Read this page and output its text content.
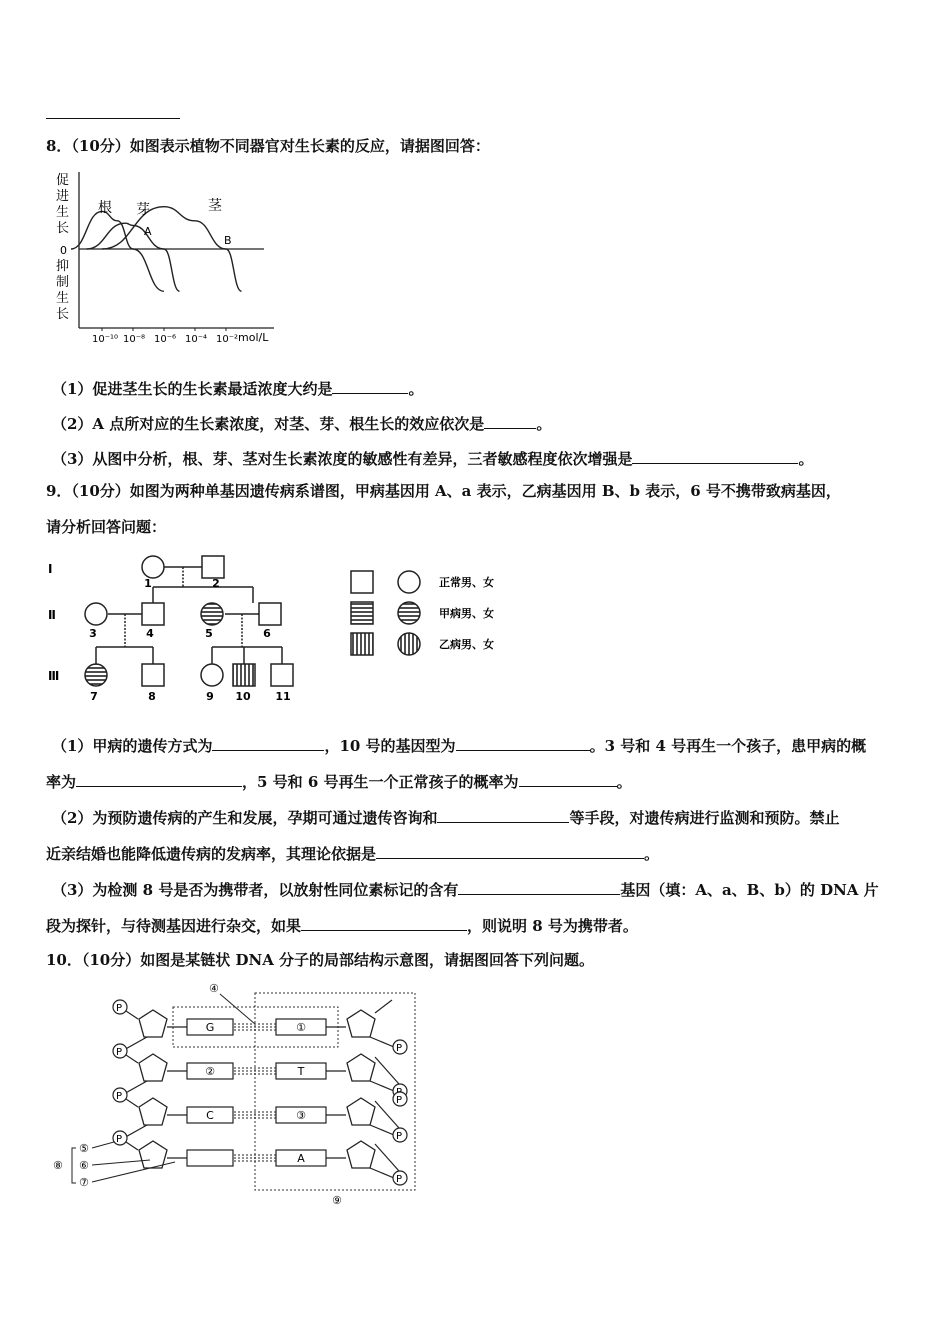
8．（10分）如图表示植物不同器官对生长素的反应，请据图回答：
促
进
生
长
0
抑
制
生
长
根 芽	茎
A
B
10⁻¹⁰ 10⁻⁸ 10⁻⁶ 10⁻⁴ 10⁻² mol/L
（1）促进茎生长的生长素最适浓度大约是	。
（2）A 点所对应的生长素浓度，对茎、芽、根生长的效应依次是	。
（3）从图中分析，根、芽、茎对生长素浓度的敏感性有差异，三者敏感程度依次增强是	。
9．（10分）如图为两种单基因遗传病系谱图，甲病基因用 A、a 表示，乙病基因用 B、b 表示，6 号不携带致病基因，
请分析回答问题：
Ⅰ
Ⅱ
Ⅲ
1	2
3	4	5	6
7	8	9 10 11
正常男、女
甲病男、女
乙病男、女
（1）甲病的遗传方式为	，10 号的基因型为	。3 号和 4 号再生一个孩子，患甲病的概
率为	，5 号和 6 号再生一个正常孩子的概率为	。
（2）为预防遗传病的产生和发展，孕期可通过遗传咨询和	等手段，对遗传病进行监测和预防。禁止
近亲结婚也能降低遗传病的发病率，其理论依据是	。
（3）为检测 8 号是否为携带者，以放射性同位素标记的含有	基因（填：A、a、B、b）的 DNA 片
段为探针，与待测基因进行杂交，如果	，则说明 8 号为携带者。
10．（10分）如图是某链状 DNA 分子的局部结构示意图，请据图回答下列问题。
P
G	①
P
P
②	T
P
C	③
P
P
A
P
P
④
⑤
⑥
⑦
⑧
⑨
